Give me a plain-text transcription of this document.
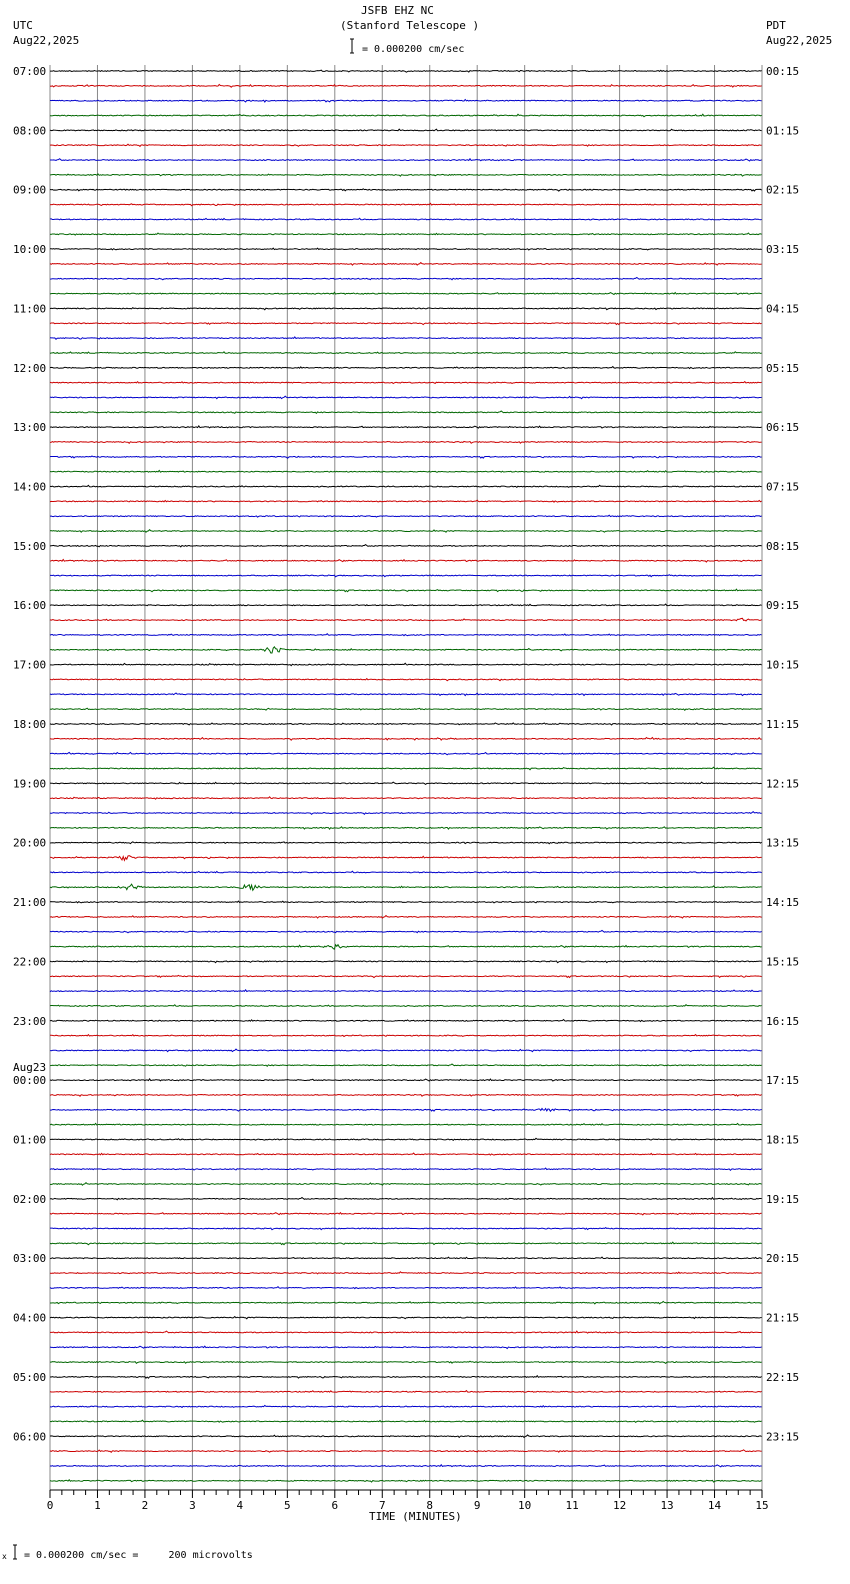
0	1	2	3	4	5	6	7	8	9	10	11	12	13	14	15
07:00	00:15
08:00	01:15
09:00	02:15
10:00	03:15
11:00	04:15
12:00	05:15
13:00	06:15
14:00	07:15
15:00	08:15
16:00	09:15
17:00	10:15
18:00	11:15
19:00	12:15
20:00	13:15
21:00	14:15
22:00	15:15
23:00	16:15
00:00	17:15
01:00	18:15
02:00	19:15
03:00	20:15
04:00	21:15
05:00	22:15
06:00	23:15
JSFB EHZ NC
(Stanford Telescope )
= 0.000200 cm/sec
UTC
Aug22,2025
PDT
Aug22,2025
Aug23
TIME (MINUTES)
x = 0.000200 cm/sec =     200 microvolts
